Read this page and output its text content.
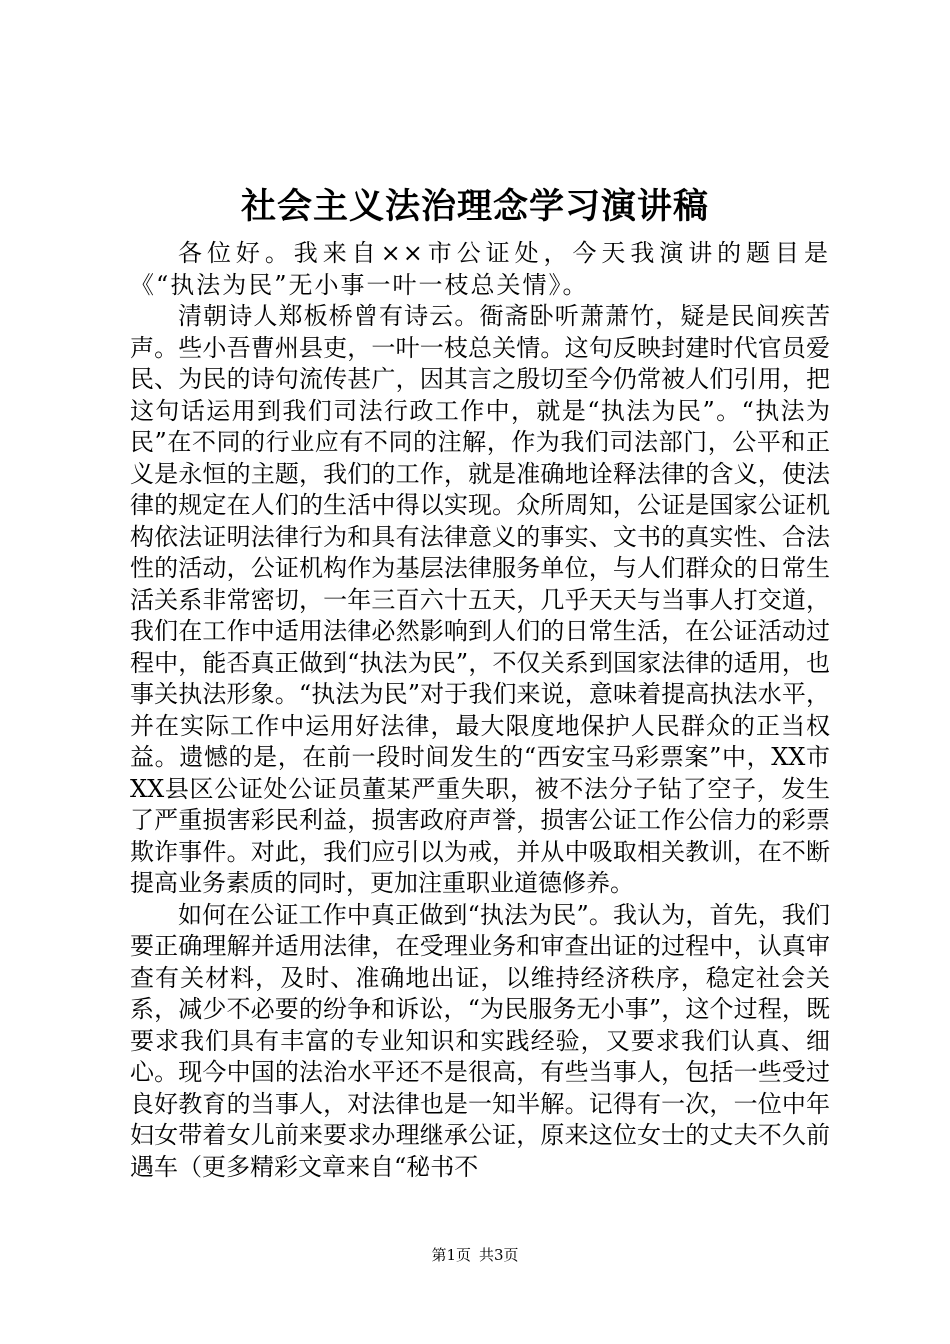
社会主义法治理念学习演讲稿

各位好。我来自××市公证处，今天我演讲的题目是《“执法为民”无小事一叶一枝总关情》。

清朝诗人郑板桥曾有诗云。衙斋卧听萧萧竹，疑是民间疾苦声。些小吾曹州县吏，一叶一枝总关情。这句反映封建时代官员爱民、为民的诗句流传甚广，因其言之殷切至今仍常被人们引用，把这句话运用到我们司法行政工作中，就是“执法为民”。“执法为民”在不同的行业应有不同的注解，作为我们司法部门，公平和正义是永恒的主题，我们的工作，就是准确地诠释法律的含义，使法律的规定在人们的生活中得以实现。众所周知，公证是国家公证机构依法证明法律行为和具有法律意义的事实、文书的真实性、合法性的活动，公证机构作为基层法律服务单位，与人们群众的日常生活关系非常密切，一年三百六十五天，几乎天天与当事人打交道，我们在工作中适用法律必然影响到人们的日常生活，在公证活动过程中，能否真正做到“执法为民”，不仅关系到国家法律的适用，也事关执法形象。“执法为民”对于我们来说，意味着提高执法水平，并在实际工作中运用好法律，最大限度地保护人民群众的正当权益。遗憾的是，在前一段时间发生的“西安宝马彩票案”中，XX市XX县区公证处公证员董某严重失职，被不法分子钻了空子，发生了严重损害彩民利益，损害政府声誉，损害公证工作公信力的彩票欺诈事件。对此，我们应引以为戒，并从中吸取相关教训，在不断提高业务素质的同时，更加注重职业道德修养。

如何在公证工作中真正做到“执法为民”。我认为，首先，我们要正确理解并适用法律，在受理业务和审查出证的过程中，认真审查有关材料，及时、准确地出证，以维持经济秩序，稳定社会关系，减少不必要的纷争和诉讼，“为民服务无小事”，这个过程，既要求我们具有丰富的专业知识和实践经验，又要求我们认真、细心。现今中国的法治水平还不是很高，有些当事人，包括一些受过良好教育的当事人，对法律也是一知半解。记得有一次，一位中年妇女带着女儿前来要求办理继承公证，原来这位女士的丈夫不久前遇车（更多精彩文章来自“秘书不

第1页 共3页
